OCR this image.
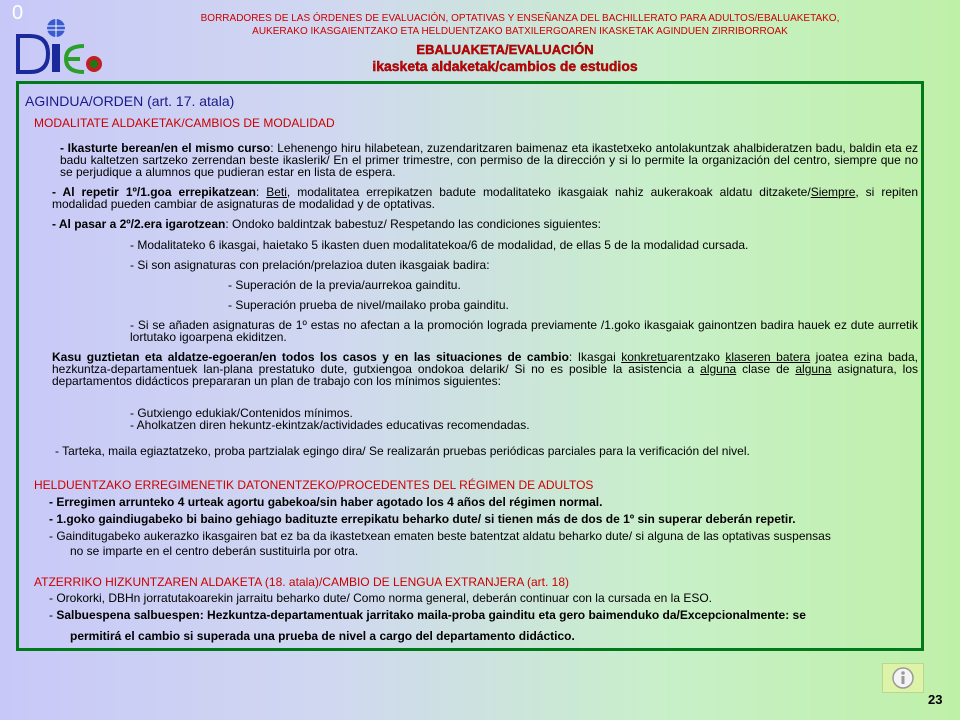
0	BORRADORES DE LAS ÓRDENES DE EVALUACIÓN, OPTATIVAS Y ENSEÑANZA DEL BACHILLERATO PARA ADULTOS/EBALUAKETAKO,
AUKERAKO IKASGAIENTZAKO ETA HELDUENTZAKO BATXILERGOAREN IKASKETAK AGINDUEN ZIRRIBORROAK
EBALUAKETA/EVALUACIÓN
ikasketa aldaketak/cambios de estudios
AGINDUA/ORDEN (art. 17. atala)
MODALITATE ALDAKETAK/CAMBIOS DE MODALIDAD
- Ikasturte berean/en el mismo curso: Lehenengo hiru hilabetean, zuzendaritzaren baimenaz eta ikastetxeko antolakuntzak ahalbideratzen badu, baldin eta ez badu kaltetzen sartzeko zerrendan beste ikaslerik/ En el primer trimestre, con permiso de la dirección y si lo permite la organización del centro, siempre que no se perjudique a alumnos que pudieran estar en lista de espera.
- Al repetir 1º/1.goa errepikatzean: Beti, modalitatea errepikatzen badute modalitateko ikasgaiak nahiz aukerakoak aldatu ditzakete/Siempre, si repiten modalidad pueden cambiar de asignaturas de modalidad y de optativas.
- Al pasar a 2º/2.era igarotzean: Ondoko baldintzak babestuz/ Respetando las condiciones siguientes:
- Modalitateko 6 ikasgai, haietako 5 ikasten duen modalitatekoa/6 de modalidad, de ellas 5 de la modalidad cursada.
- Si son asignaturas con prelación/prelazioa duten ikasgaiak badira:
- Superación de la previa/aurrekoa gainditu.
- Superación prueba de nivel/mailako proba gainditu.
- Si se añaden asignaturas de 1º estas no afectan a la promoción lograda previamente /1.goko ikasgaiak gainontzen badira hauek ez dute aurretik lortutako igoarpena ekiditzen.
Kasu guztietan eta aldatze-egoeran/en todos los casos y en las situaciones de cambio: Ikasgai konkretuarentzako klaseren batera joatea ezina bada, hezkuntza-departamentuek lan-plana prestatuko dute, gutxiengoa ondokoa delarik/ Si no es posible la asistencia a alguna clase de alguna asignatura, los departamentos didácticos prepararan un plan de trabajo con los mínimos siguientes:
- Gutxiengo edukiak/Contenidos mínimos.
- Aholkatzen diren hekuntz-ekintzak/actividades educativas recomendadas.
- Tarteka, maila egiaztatzeko, proba partzialak egingo dira/ Se realizarán pruebas periódicas parciales para la verificación del nivel.
HELDUENTZAKO ERREGIMENETIK DATONENTZEKO/PROCEDENTES DEL RÉGIMEN DE ADULTOS
- Erregimen arrunteko 4 urteak agortu gabekoa/sin haber agotado los 4 años del régimen normal.
- 1.goko gaindiugabeko bi baino gehiago badituzte errepikatu beharko dute/ si tienen más de dos de 1º sin superar deberán repetir.
- Gainditugabeko aukerazko ikasgairen bat ez ba da ikastetxean ematen beste batentzat aldatu beharko dute/ si alguna de las optativas suspensas
no se imparte en el centro deberán sustituirla por otra.
ATZERRIKO HIZKUNTZAREN ALDAKETA (18. atala)/CAMBIO DE LENGUA EXTRANJERA (art. 18)
- Orokorki, DBHn jorratutakoarekin jarraitu beharko dute/ Como norma general, deberán continuar con la cursada en la ESO.
- Salbuespena salbuespen: Hezkuntza-departamentuak jarritako maila-proba gainditu eta gero baimenduko da/Excepcionalmente: se
permitirá el cambio si superada una prueba de nivel a cargo del departamento didáctico.
23
